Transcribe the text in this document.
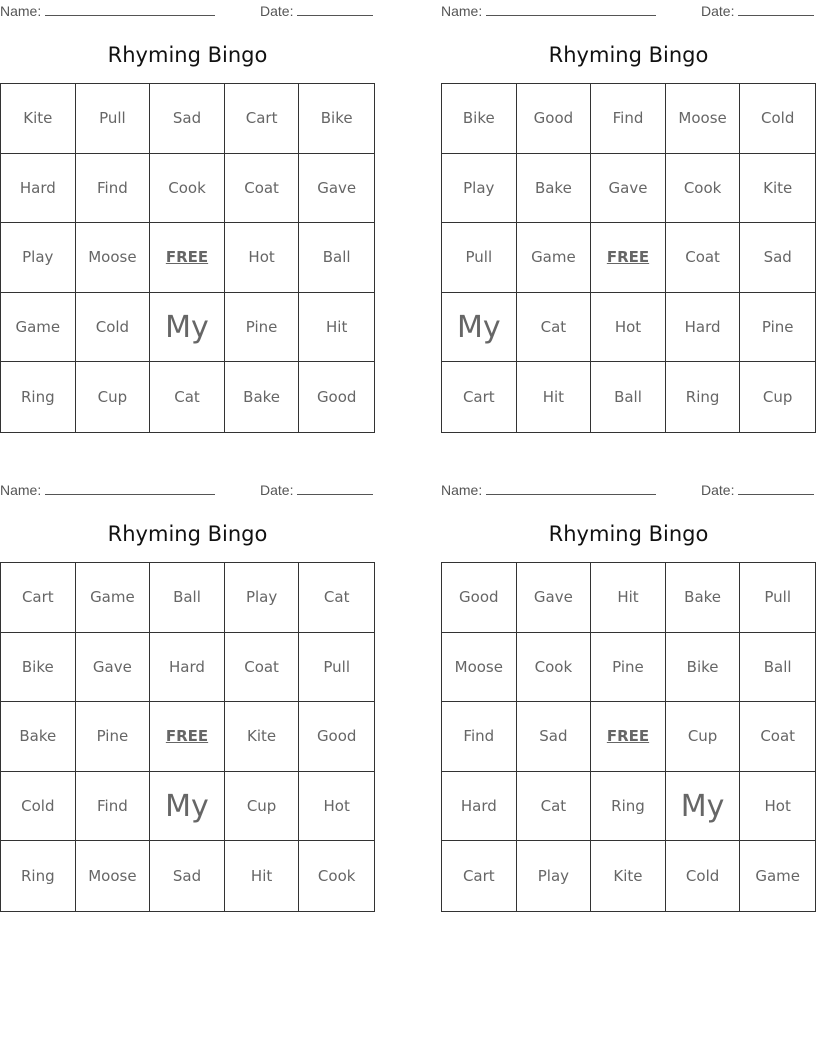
Name:	Date:
Rhyming Bingo
Kite	Pull	Sad	Cart	Bike
Hard	Find	Cook	Coat	Gave
Play	Moose	FREE	Hot	Ball
Game	Cold	My	Pine	Hit
Ring	Cup	Cat	Bake	Good
Name:	Date:
Rhyming Bingo
Bike	Good	Find	Moose	Cold
Play	Bake	Gave	Cook	Kite
Pull	Game	FREE	Coat	Sad
My	Cat	Hot	Hard	Pine
Cart	Hit	Ball	Ring	Cup
Name:	Date:
Rhyming Bingo
Cart	Game	Ball	Play	Cat
Bike	Gave	Hard	Coat	Pull
Bake	Pine	FREE	Kite	Good
Cold	Find	My	Cup	Hot
Ring	Moose	Sad	Hit	Cook
Name:	Date:
Rhyming Bingo
Good	Gave	Hit	Bake	Pull
Moose	Cook	Pine	Bike	Ball
Find	Sad	FREE	Cup	Coat
Hard	Cat	Ring	My	Hot
Cart	Play	Kite	Cold	Game
